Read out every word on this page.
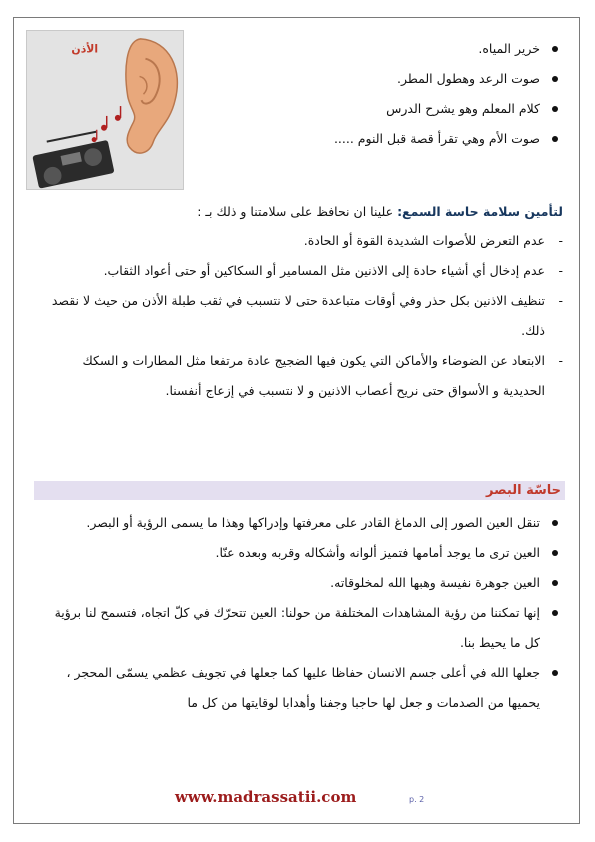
الأذن	خرير المياه.
صوت الرعد وهطول المطر.
كلام المعلم وهو يشرح الدرس
صوت الأم وهي تقرأ قصة قبل النوم .....
لتأمين سلامة حاسة السمع: علينا ان نحافظ على سلامتنا و ذلك بـ :
- عدم التعرض للأصوات الشديدة القوة أو الحادة.
- عدم إدخال أي أشياء حادة إلى الاذنين مثل المسامير أو السكاكين أو حتى أعواد الثقاب.
- تنظيف الاذنين بكل حذر وفي أوقات متباعدة حتى لا نتسبب في ثقب طبلة الأذن من حيث لا نقصد ذلك.
- الابتعاد عن الضوضاء والأماكن التي يكون فيها الضجيج عادة مرتفعا مثل المطارات و السكك الحديدية و الأسواق حتى نريح أعصاب الاذنين و لا نتسبب في إزعاج أنفسنا.
حاسّة البصر
تنقل العين الصور إلى الدماغ القادر على معرفتها وإدراكها وهذا ما يسمى الرؤية أو البصر.
العين ترى ما يوجد أمامها فتميز ألوانه وأشكاله وقربه وبعده عنّا.
العين جوهرة نفيسة وهبها الله لمخلوقاته.
إنها تمكننا من رؤية المشاهدات المختلفة من حولنا: العين تتحرّك في كلّ اتجاه، فتسمح لنا برؤية كل ما يحيط بنا.
جعلها الله في أعلى جسم الانسان حفاظا عليها كما جعلها في تجويف عظمي يسمّى المحجر ، يحميها من الصدمات و جعل لها حاجبا وجفنا وأهدابا لوقايتها من كل ما
www.madrassatii.com	p. 2
